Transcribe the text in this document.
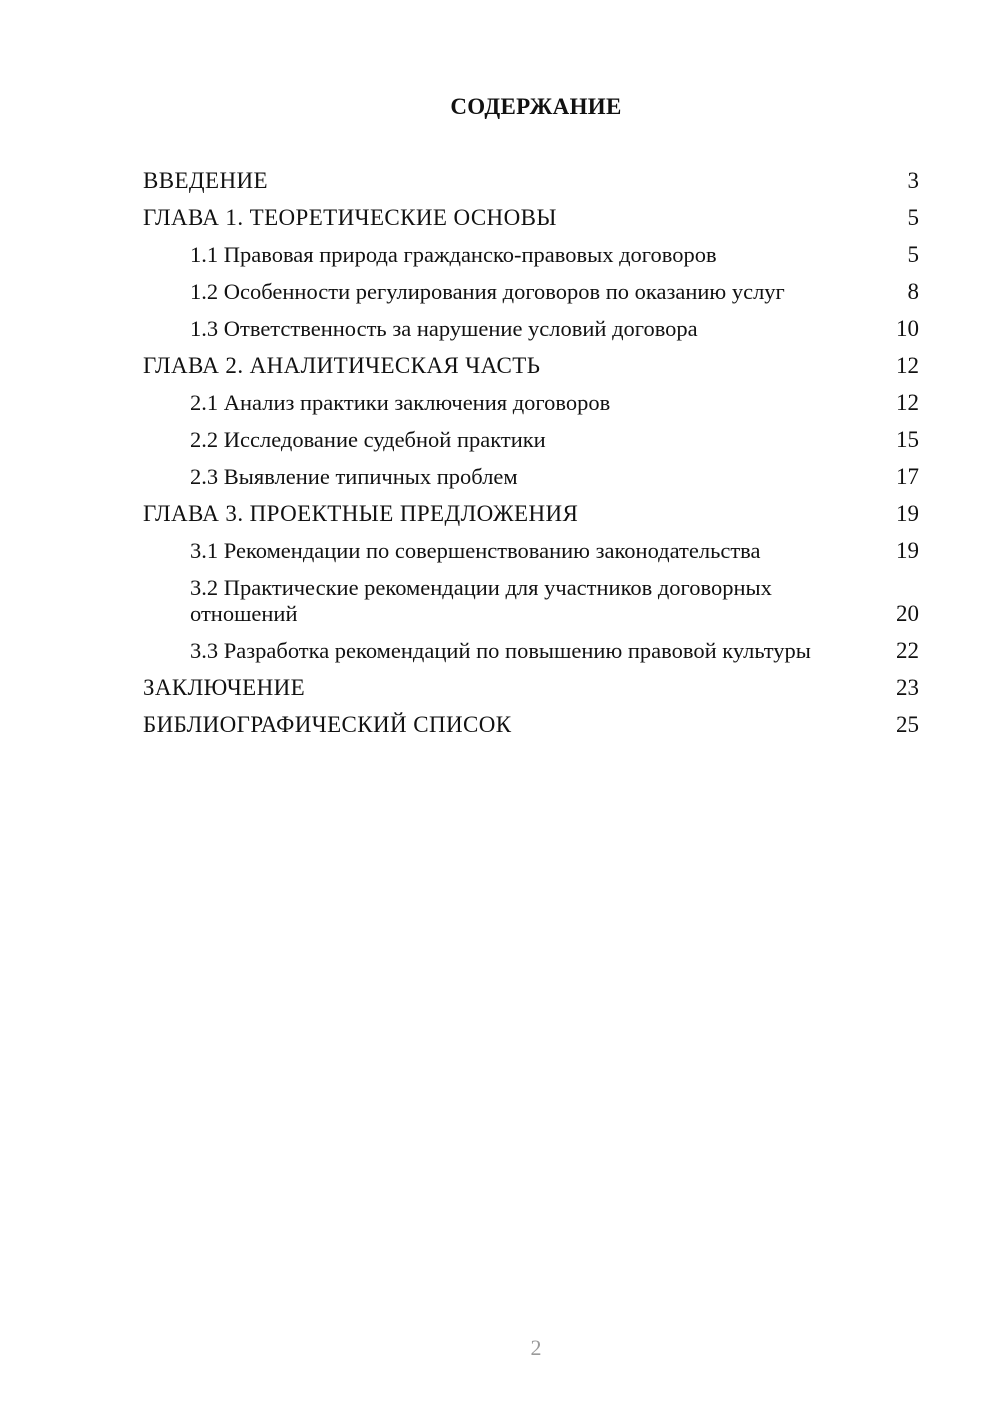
СОДЕРЖАНИЕ
ВВЕДЕНИЕ	3
ГЛАВА 1. ТЕОРЕТИЧЕСКИЕ ОСНОВЫ	5
1.1 Правовая природа гражданско-правовых договоров	5
1.2 Особенности регулирования договоров по оказанию услуг	8
1.3 Ответственность за нарушение условий договора	10
ГЛАВА 2. АНАЛИТИЧЕСКАЯ ЧАСТЬ	12
2.1 Анализ практики заключения договоров	12
2.2 Исследование судебной практики	15
2.3 Выявление типичных проблем	17
ГЛАВА 3. ПРОЕКТНЫЕ ПРЕДЛОЖЕНИЯ	19
3.1 Рекомендации по совершенствованию законодательства	19
3.2 Практические рекомендации для участников договорных отношений	20
3.3 Разработка рекомендаций по повышению правовой культуры	22
ЗАКЛЮЧЕНИЕ	23
БИБЛИОГРАФИЧЕСКИЙ СПИСОК	25
2
